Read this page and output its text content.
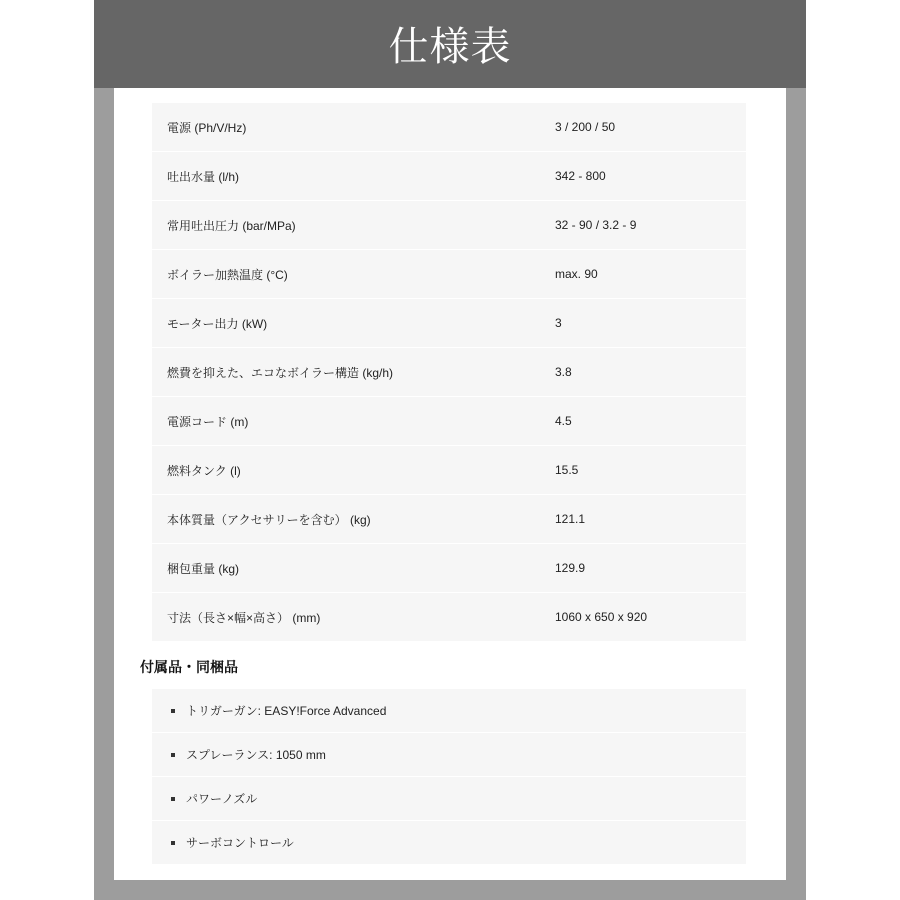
仕様表
電源 (Ph/V/Hz)	3 / 200 / 50
吐出水量 (l/h)	342 - 800
常用吐出圧力 (bar/MPa)	32 - 90 / 3.2 - 9
ボイラー加熱温度 (°C)	max. 90
モーター出力 (kW)	3
燃費を抑えた、エコなボイラー構造 (kg/h)	3.8
電源コード (m)	4.5
燃料タンク (l)	15.5
本体質量（アクセサリーを含む） (kg)	121.1
梱包重量 (kg)	129.9
寸法（長さ×幅×高さ） (mm)	1060 x 650 x 920
付属品・同梱品
トリガーガン: EASY!Force Advanced
スプレーランス: 1050 mm
パワーノズル
サーボコントロール
